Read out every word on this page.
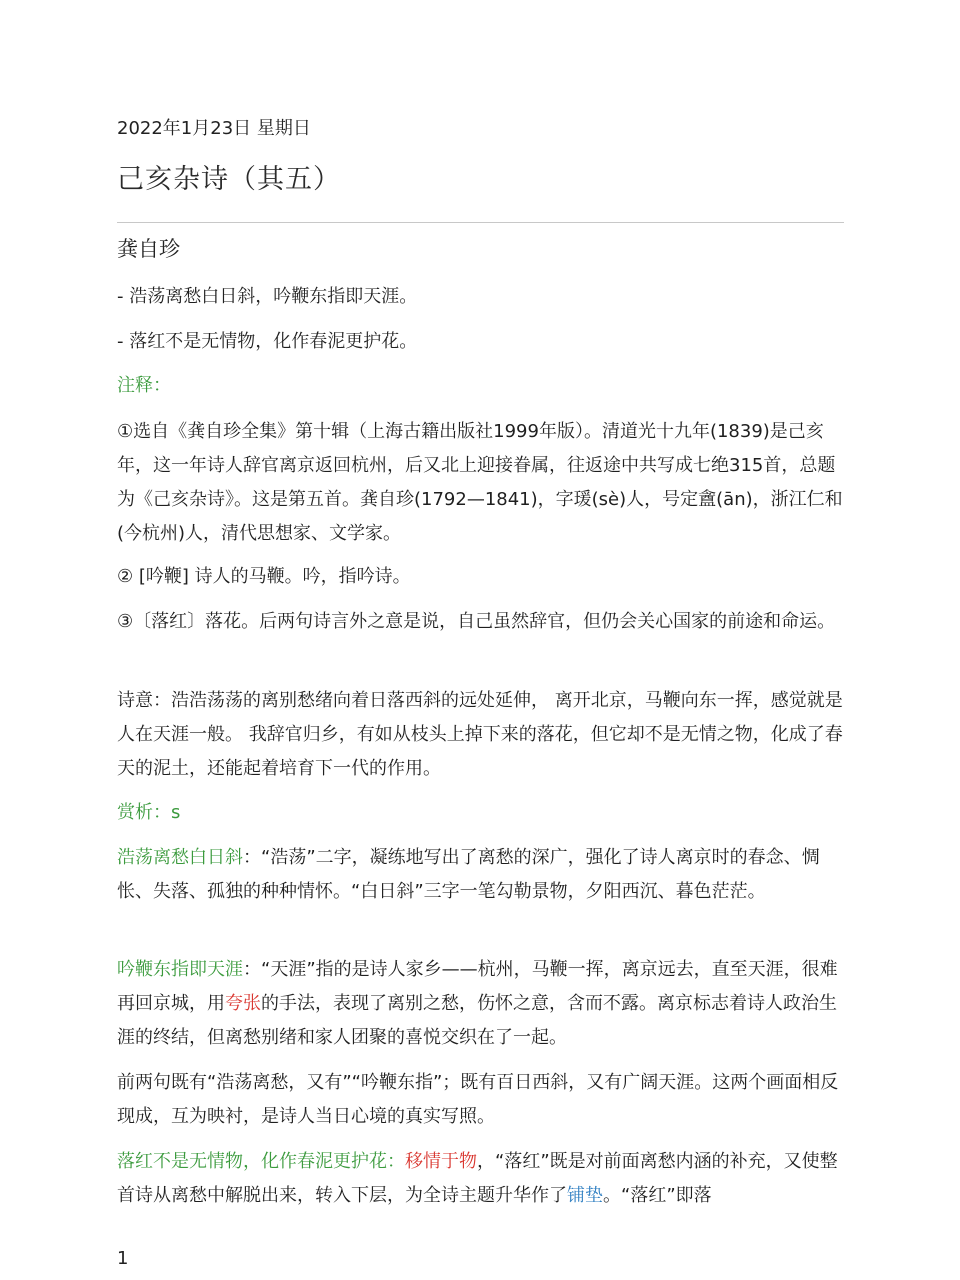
2022年1月23日 星期日
己亥杂诗（其五）
龚自珍

- 浩荡离愁白日斜，吟鞭东指即天涯。

- 落红不是无情物，化作春泥更护花。

注释：

①选自《龚自珍全集》第十辑（上海古籍出版社1999年版）。清道光十九年(1839)是己亥年，这一年诗人辞官离京返回杭州，后又北上迎接眷属，往返途中共写成七绝315首，总题为《己亥杂诗》。这是第五首。龚自珍(1792—1841)，字瑗(sè)人，号定盦(ān)，浙江仁和(今杭州)人，清代思想家、文学家。

② [吟鞭] 诗人的马鞭。吟，指吟诗。

③〔落红〕落花。后两句诗言外之意是说，自己虽然辞官，但仍会关心国家的前途和命运。

诗意：浩浩荡荡的离别愁绪向着日落西斜的远处延伸， 离开北京，马鞭向东一挥，感觉就是人在天涯一般。 我辞官归乡，有如从枝头上掉下来的落花，但它却不是无情之物，化成了春天的泥土，还能起着培育下一代的作用。

赏析：s

浩荡离愁白日斜：“浩荡”二字，凝练地写出了离愁的深广，强化了诗人离京时的春念、惆怅、失落、孤独的种种情怀。“白日斜”三字一笔勾勒景物，夕阳西沉、暮色茫茫。

吟鞭东指即天涯：“天涯”指的是诗人家乡——杭州，马鞭一挥，离京远去，直至天涯，很难再回京城，用夸张的手法，表现了离别之愁，伤怀之意，含而不露。离京标志着诗人政治生涯的终结，但离愁别绪和家人团聚的喜悦交织在了一起。

前两句既有“浩荡离愁，又有”“吟鞭东指”；既有百日西斜，又有广阔天涯。这两个画面相反现成，互为映衬，是诗人当日心境的真实写照。

落红不是无情物，化作春泥更护花：移情于物，“落红”既是对前面离愁内涵的补充，又使整首诗从离愁中解脱出来，转入下层，为全诗主题升华作了铺垫。“落红”即落

1
